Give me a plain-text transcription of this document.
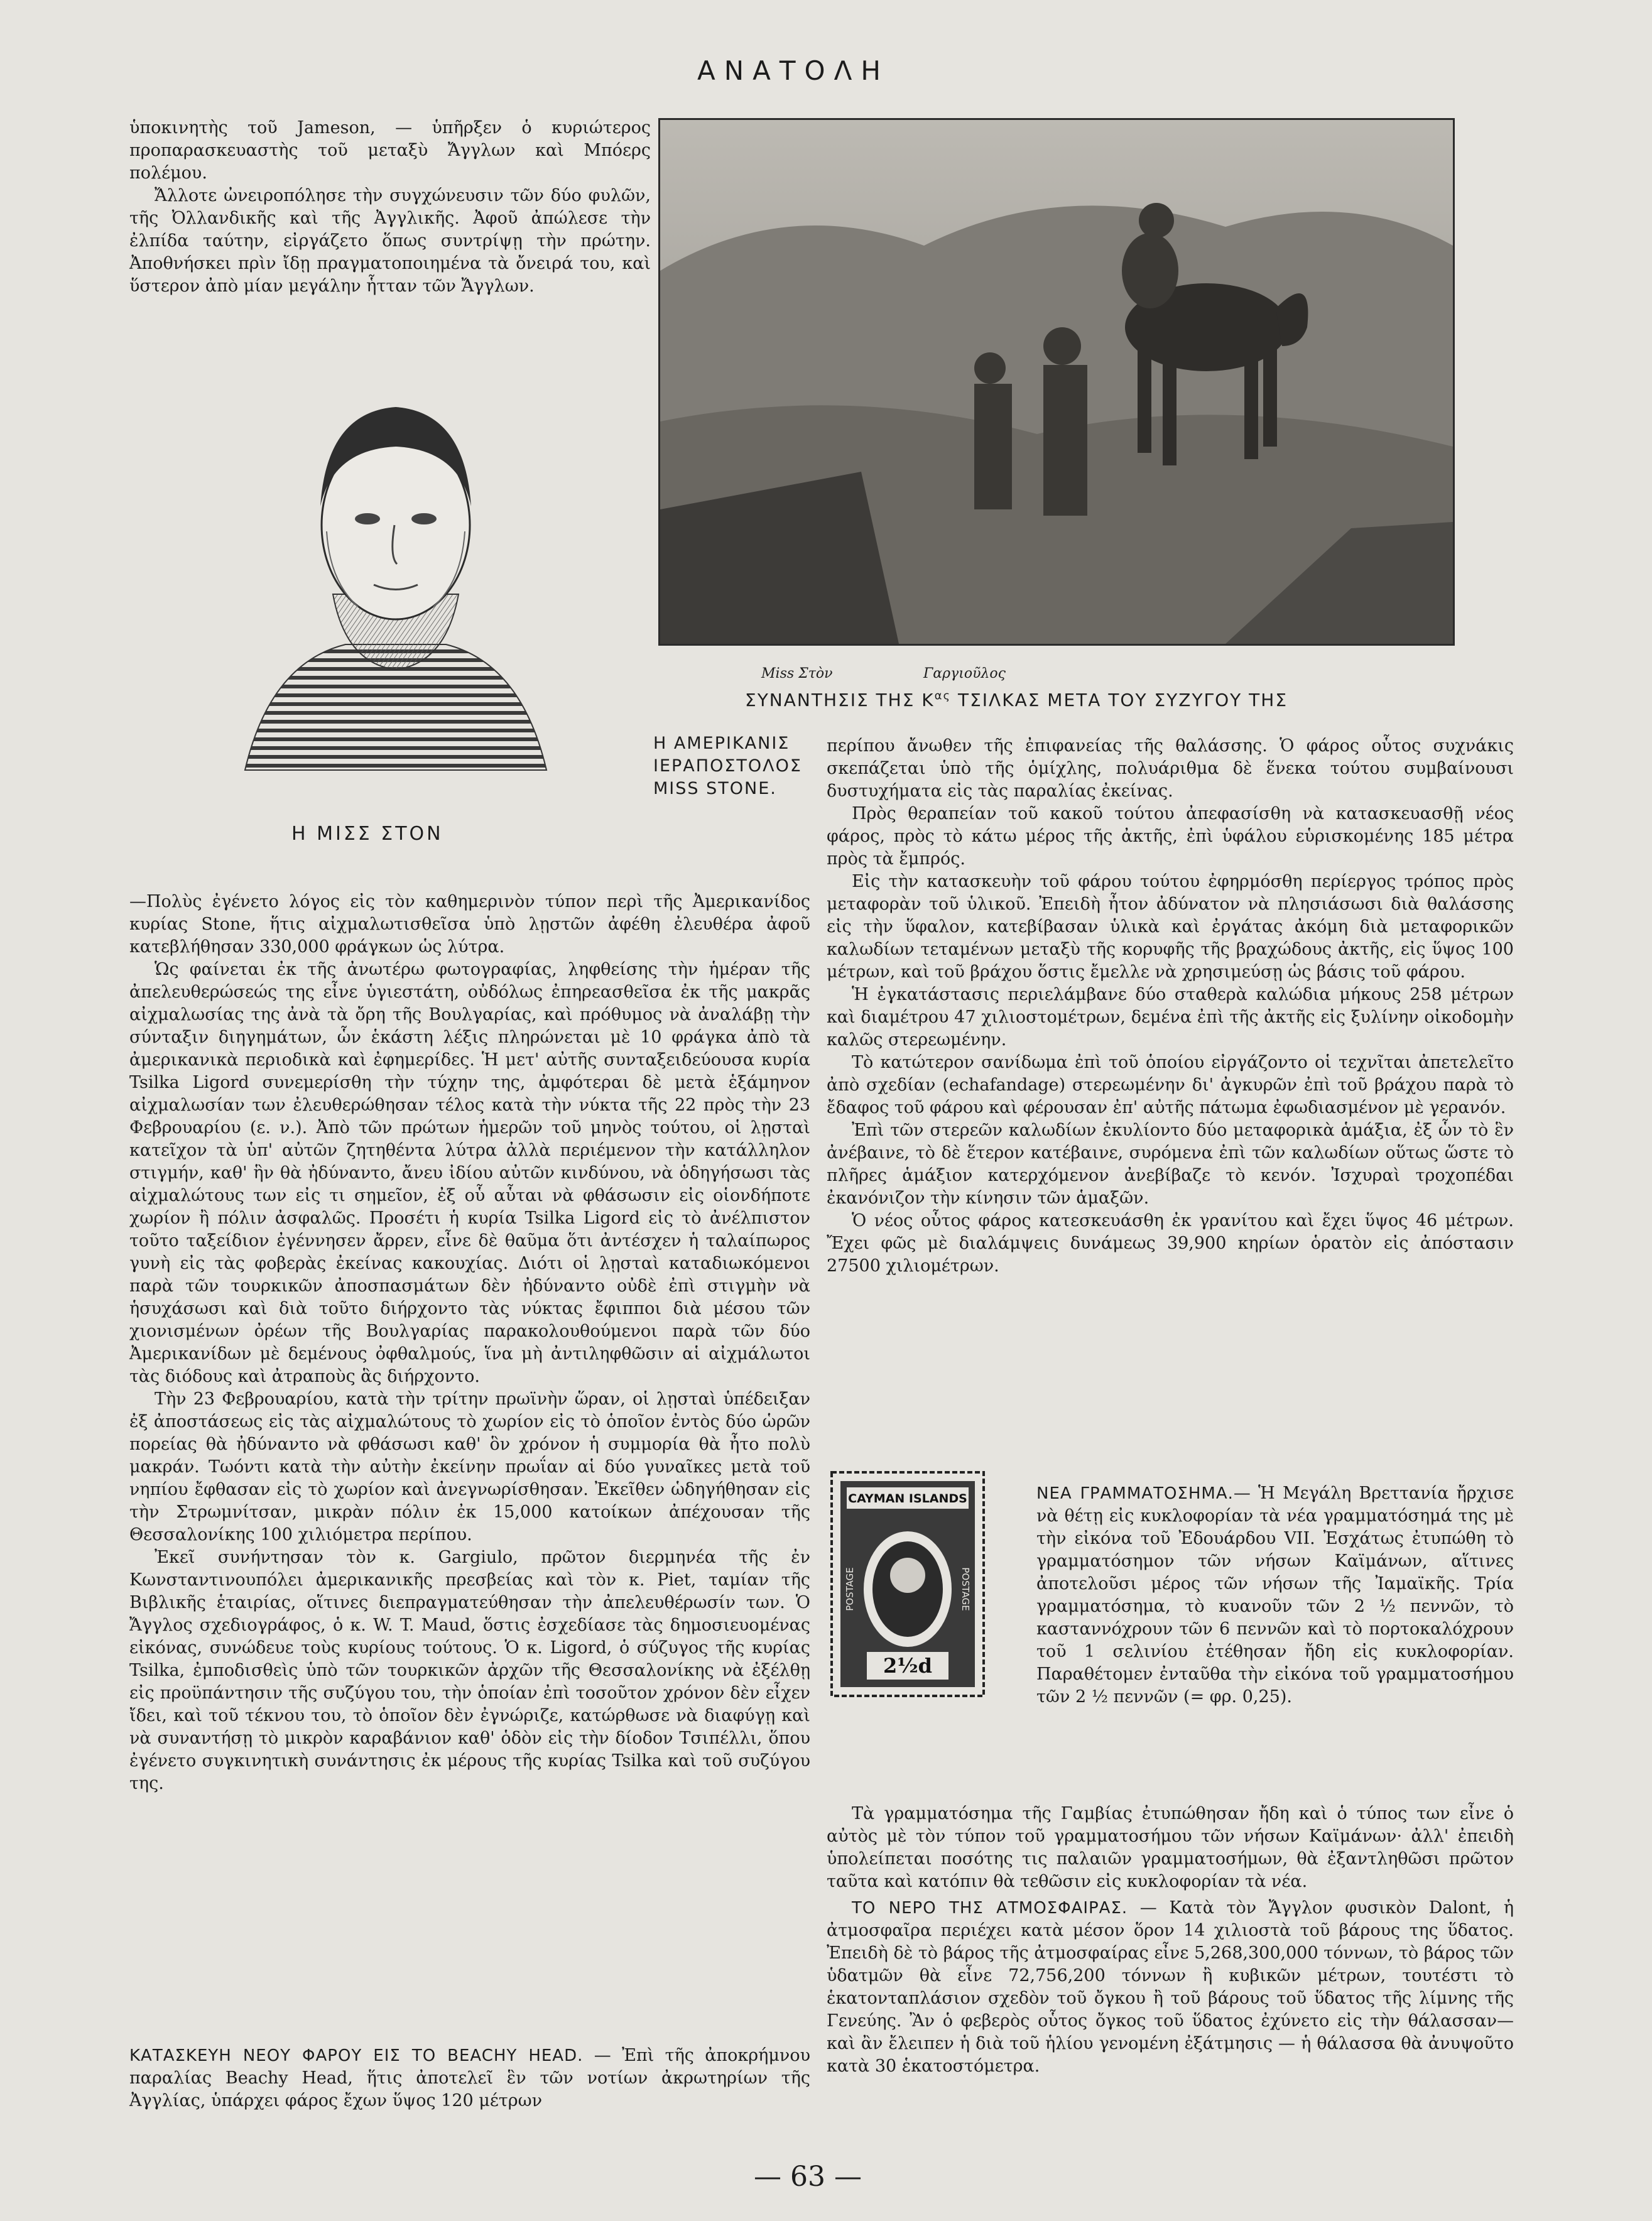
ΑΝΑΤΟΛΗ

ὑποκινητὴς τοῦ Jameson, — ὑπῆρξεν ὁ κυριώτερος προπαρασκευαστὴς τοῦ μεταξὺ Ἄγγλων καὶ Μπόερς πολέμου.

Ἄλλοτε ὠνειροπόλησε τὴν συγχώνευσιν τῶν δύο φυλῶν, τῆς Ὀλλανδικῆς καὶ τῆς Ἀγγλικῆς. Ἀφοῦ ἀπώλεσε τὴν ἐλπίδα ταύτην, εἰργάζετο ὅπως συντρίψῃ τὴν πρώτην. Ἀποθνήσκει πρὶν ἴδῃ πραγματοποιημένα τὰ ὄνειρά του, καὶ ὕστερον ἀπὸ μίαν μεγάλην ἧτταν τῶν Ἄγγλων.

Η ΜΙΣΣ ΣΤΟΝ
Μiss Στὸν	Γαργιοῦλος
ΣΥΝΑΝΤΗΣΙΣ ΤΗΣ $K^{\alpha\varsigma}$ ΤΣΙΛΚΑΣ ΜΕΤΑ ΤΟΥ ΣΥΖΥΓΟΥ ΤΗΣ
Η ΑΜΕΡΙΚΑΝΙΣ ΙΕΡΑΠΟΣΤΟΛΟΣ MISS STONE.

—Πολὺς ἐγένετο λόγος εἰς τὸν καθημερινὸν τύπον περὶ τῆς Ἀμερικανίδος κυρίας Stone, ἥτις αἰχμαλωτισθεῖσα ὑπὸ λῃστῶν ἀφέθη ἐλευθέρα ἀφοῦ κατεβλήθησαν 330,000 φράγκων ὡς λύτρα.

Ὡς φαίνεται ἐκ τῆς ἀνωτέρω φωτογραφίας, ληφθείσης τὴν ἡμέραν τῆς ἀπελευθερώσεώς της εἶνε ὑγιεστάτη, οὐδόλως ἐπηρεασθεῖσα ἐκ τῆς μακρᾶς αἰχμαλωσίας της ἀνὰ τὰ ὄρη τῆς Βουλγαρίας, καὶ πρόθυμος νὰ ἀναλάβῃ τὴν σύνταξιν διηγημάτων, ὧν ἑκάστη λέξις πληρώνεται μὲ 10 φράγκα ἀπὸ τὰ ἀμερικανικὰ περιοδικὰ καὶ ἐφημερίδες. Ἡ μετ' αὐτῆς συνταξειδεύουσα κυρία Tsilka Ligord συνεμερίσθη τὴν τύχην της, ἀμφότεραι δὲ μετὰ ἑξάμηνον αἰχμαλωσίαν των ἐλευθερώθησαν τέλος κατὰ τὴν νύκτα τῆς 22 πρὸς τὴν 23 Φεβρουαρίου (ε. ν.). Ἀπὸ τῶν πρώτων ἡμερῶν τοῦ μηνὸς τούτου, οἱ λῃσταὶ κατεῖχον τὰ ὑπ' αὐτῶν ζητηθέντα λύτρα ἀλλὰ περιέμενον τὴν κατάλληλον στιγμήν, καθ' ἣν θὰ ἠδύναντο, ἄνευ ἰδίου αὐτῶν κινδύνου, νὰ ὁδηγήσωσι τὰς αἰχμαλώτους των εἰς τι σημεῖον, ἐξ οὗ αὗται νὰ φθάσωσιν εἰς οἱονδήποτε χωρίον ἢ πόλιν ἀσφαλῶς. Προσέτι ἡ κυρία Tsilka Ligord εἰς τὸ ἀνέλπιστον τοῦτο ταξείδιον ἐγέννησεν ἄρρεν, εἶνε δὲ θαῦμα ὅτι ἀντέσχεν ἡ ταλαίπωρος γυνὴ εἰς τὰς φοβερὰς ἐκείνας κακουχίας. Διότι οἱ λῃσταὶ καταδιωκόμενοι παρὰ τῶν τουρκικῶν ἀποσπασμάτων δὲν ἠδύναντο οὐδὲ ἐπὶ στιγμὴν νὰ ἡσυχάσωσι καὶ διὰ τοῦτο διήρχοντο τὰς νύκτας ἔφιπποι διὰ μέσου τῶν χιονισμένων ὀρέων τῆς Βουλγαρίας παρακολουθούμενοι παρὰ τῶν δύο Ἀμερικανίδων μὲ δεμένους ὀφθαλμούς, ἵνα μὴ ἀντιληφθῶσιν αἱ αἰχμάλωτοι τὰς διόδους καὶ ἀτραποὺς ἃς διήρχοντο.

Τὴν 23 Φεβρουαρίου, κατὰ τὴν τρίτην πρωϊνὴν ὥραν, οἱ λῃσταὶ ὑπέδειξαν ἐξ ἀποστάσεως εἰς τὰς αἰχμαλώτους τὸ χωρίον εἰς τὸ ὁποῖον ἐντὸς δύο ὡρῶν πορείας θὰ ἠδύναντο νὰ φθάσωσι καθ' ὃν χρόνον ἡ συμμορία θὰ ἦτο πολὺ μακράν. Τωόντι κατὰ τὴν αὐτὴν ἐκείνην πρωΐαν αἱ δύο γυναῖκες μετὰ τοῦ νηπίου ἔφθασαν εἰς τὸ χωρίον καὶ ἀνεγνωρίσθησαν. Ἐκεῖθεν ὡδηγήθησαν εἰς τὴν Στρωμνίτσαν, μικρὰν πόλιν ἐκ 15,000 κατοίκων ἀπέχουσαν τῆς Θεσσαλονίκης 100 χιλιόμετρα περίπου.

Ἐκεῖ συνήντησαν τὸν κ. Gargiulo, πρῶτον διερμηνέα τῆς ἐν Κωνσταντινουπόλει ἀμερικανικῆς πρεσβείας καὶ τὸν κ. Piet, ταμίαν τῆς Βιβλικῆς ἑταιρίας, οἵτινες διεπραγματεύθησαν τὴν ἀπελευθέρωσίν των. Ὁ Ἄγγλος σχεδιογράφος, ὁ κ. W. T. Maud, ὅστις ἐσχεδίασε τὰς δημοσιευομένας εἰκόνας, συνώδευε τοὺς κυρίους τούτους. Ὁ κ. Ligord, ὁ σύζυγος τῆς κυρίας Tsilka, ἐμποδισθεὶς ὑπὸ τῶν τουρκικῶν ἀρχῶν τῆς Θεσσαλονίκης νὰ ἐξέλθῃ εἰς προϋπάντησιν τῆς συζύγου του, τὴν ὁποίαν ἐπὶ τοσοῦτον χρόνον δὲν εἶχεν ἴδει, καὶ τοῦ τέκνου του, τὸ ὁποῖον δὲν ἐγνώριζε, κατώρθωσε νὰ διαφύγῃ καὶ νὰ συναντήσῃ τὸ μικρὸν καραβάνιον καθ' ὁδὸν εἰς τὴν δίοδον Τσιπέλλι, ὅπου ἐγένετο συγκινητικὴ συνάντησις ἐκ μέρους τῆς κυρίας Tsilka καὶ τοῦ συζύγου της.

ΚΑΤΑΣΚΕΥΗ ΝΕΟΥ ΦΑΡΟΥ ΕΙΣ ΤΟ BEACHY HEAD. — Ἐπὶ τῆς ἀποκρήμνου παραλίας Beachy Head, ἥτις ἀποτελεῖ ἓν τῶν νοτίων ἀκρωτηρίων τῆς Ἀγγλίας, ὑπάρχει φάρος ἔχων ὕψος 120 μέτρων

περίπου ἄνωθεν τῆς ἐπιφανείας τῆς θαλάσσης. Ὁ φάρος οὗτος συχνάκις σκεπάζεται ὑπὸ τῆς ὁμίχλης, πολυάριθμα δὲ ἕνεκα τούτου συμβαίνουσι δυστυχήματα εἰς τὰς παραλίας ἐκείνας.

Πρὸς θεραπείαν τοῦ κακοῦ τούτου ἀπεφασίσθη νὰ κατασκευασθῇ νέος φάρος, πρὸς τὸ κάτω μέρος τῆς ἀκτῆς, ἐπὶ ὑφάλου εὑρισκομένης 185 μέτρα πρὸς τὰ ἔμπρός.

Εἰς τὴν κατασκευὴν τοῦ φάρου τούτου ἐφηρμόσθη περίεργος τρόπος πρὸς μεταφορὰν τοῦ ὑλικοῦ. Ἐπειδὴ ἦτον ἀδύνατον νὰ πλησιάσωσι διὰ θαλάσσης εἰς τὴν ὕφαλον, κατεβίβασαν ὑλικὰ καὶ ἐργάτας ἀκόμη διὰ μεταφορικῶν καλωδίων τεταμένων μεταξὺ τῆς κορυφῆς τῆς βραχώδους ἀκτῆς, εἰς ὕψος 100 μέτρων, καὶ τοῦ βράχου ὅστις ἔμελλε νὰ χρησιμεύσῃ ὡς βάσις τοῦ φάρου.

Ἡ ἐγκατάστασις περιελάμβανε δύο σταθερὰ καλώδια μήκους 258 μέτρων καὶ διαμέτρου 47 χιλιοστομέτρων, δεμένα ἐπὶ τῆς ἀκτῆς εἰς ξυλίνην οἰκοδομὴν καλῶς στερεωμένην.

Τὸ κατώτερον σανίδωμα ἐπὶ τοῦ ὁποίου εἰργάζοντο οἱ τεχνῖται ἀπετελεῖτο ἀπὸ σχεδίαν (echafandage) στερεωμένην δι' ἀγκυρῶν ἐπὶ τοῦ βράχου παρὰ τὸ ἔδαφος τοῦ φάρου καὶ φέρουσαν ἐπ' αὐτῆς πάτωμα ἐφωδιασμένον μὲ γερανόν.

Ἐπὶ τῶν στερεῶν καλωδίων ἐκυλίοντο δύο μεταφορικὰ ἁμάξια, ἐξ ὧν τὸ ἓν ἀνέβαινε, τὸ δὲ ἕτερον κατέβαινε, συρόμενα ἐπὶ τῶν καλωδίων οὕτως ὥστε τὸ πλῆρες ἁμάξιον κατερχόμενον ἀνεβίβαζε τὸ κενόν. Ἰσχυραὶ τροχοπέδαι ἐκανόνιζον τὴν κίνησιν τῶν ἁμαξῶν.

Ὁ νέος οὗτος φάρος κατεσκευάσθη ἐκ γρανίτου καὶ ἔχει ὕψος 46 μέτρων. Ἔχει φῶς μὲ διαλάμψεις δυνάμεως 39,900 κηρίων ὁρατὸν εἰς ἀπόστασιν 27500 χιλιομέτρων.

CAYMAN ISLANDS
POSTAGE	POSTAGE
2½d

ΝΕΑ ΓΡΑΜΜΑΤΟΣΗΜΑ.— Ἡ Μεγάλη Βρεττανία ἤρχισε νὰ θέτῃ εἰς κυκλοφορίαν τὰ νέα γραμματόσημά της μὲ τὴν εἰκόνα τοῦ Ἐδουάρδου VII. Ἐσχάτως ἐτυπώθη τὸ γραμματόσημον τῶν νήσων Καϊμάνων, αἵτινες ἀποτελοῦσι μέρος τῶν νήσων τῆς Ἰαμαϊκῆς. Τρία γραμματόσημα, τὸ κυανοῦν τῶν 2 ½ πεννῶν, τὸ κασταννόχρουν τῶν 6 πεννῶν καὶ τὸ πορτοκαλόχρουν τοῦ 1 σελινίου ἐτέθησαν ἤδη εἰς κυκλοφορίαν. Παραθέτομεν ἐνταῦθα τὴν εἰκόνα τοῦ γραμματοσήμου τῶν 2 ½ πεννῶν (= φρ. 0,25).

Τὰ γραμματόσημα τῆς Γαμβίας ἐτυπώθησαν ἤδη καὶ ὁ τύπος των εἶνε ὁ αὐτὸς μὲ τὸν τύπον τοῦ γραμματοσήμου τῶν νήσων Καϊμάνων· ἀλλ' ἐπειδὴ ὑπολείπεται ποσότης τις παλαιῶν γραμματοσήμων, θὰ ἐξαντληθῶσι πρῶτον ταῦτα καὶ κατόπιν θὰ τεθῶσιν εἰς κυκλοφορίαν τὰ νέα.

ΤΟ ΝΕΡΟ ΤΗΣ ΑΤΜΟΣΦΑΙΡΑΣ. — Κατὰ τὸν Ἄγγλον φυσικὸν Dalont, ἡ ἀτμοσφαῖρα περιέχει κατὰ μέσον ὅρον 14 χιλιοστὰ τοῦ βάρους της ὕδατος. Ἐπειδὴ δὲ τὸ βάρος τῆς ἀτμοσφαίρας εἶνε 5,268,300,000 τόννων, τὸ βάρος τῶν ὑδατμῶν θὰ εἶνε 72,756,200 τόννων ἢ κυβικῶν μέτρων, τουτέστι τὸ ἑκατονταπλάσιον σχεδὸν τοῦ ὄγκου ἢ τοῦ βάρους τοῦ ὕδατος τῆς λίμνης τῆς Γενεύης. Ἂν ὁ φεβερὸς οὗτος ὄγκος τοῦ ὕδατος ἐχύνετο εἰς τὴν θάλασσαν—καὶ ἂν ἔλειπεν ἡ διὰ τοῦ ἡλίου γενομένη ἐξάτμησις — ἡ θάλασσα θὰ ἀνυψοῦτο κατὰ 30 ἑκατοστόμετρα.

— 63 —
